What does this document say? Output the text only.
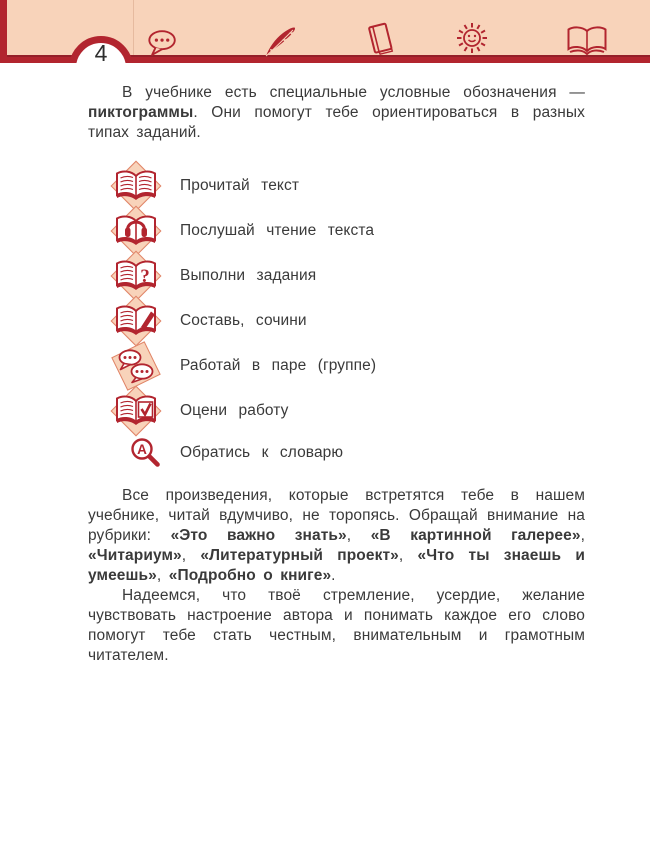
4

В учебнике есть специальные условные обозначения — пиктограммы. Они помогут тебе ориентироваться в разных типах заданий.

Прочитай текст
Послушай чтение текста
? Выполни задания
Составь, сочини
Работай в паре (группе)
Оцени работу
A Обратись к словарю

Все произведения, которые встретятся тебе в нашем учебнике, читай вдумчиво, не торопясь. Обращай внимание на рубрики: «Это важно знать», «В картинной галерее», «Читариум», «Литературный проект», «Что ты знаешь и умеешь», «Подробно о книге».

Надеемся, что твоё стремление, усердие, желание чувствовать настроение автора и понимать каждое его слово помогут тебе стать честным, внимательным и грамотным читателем.
